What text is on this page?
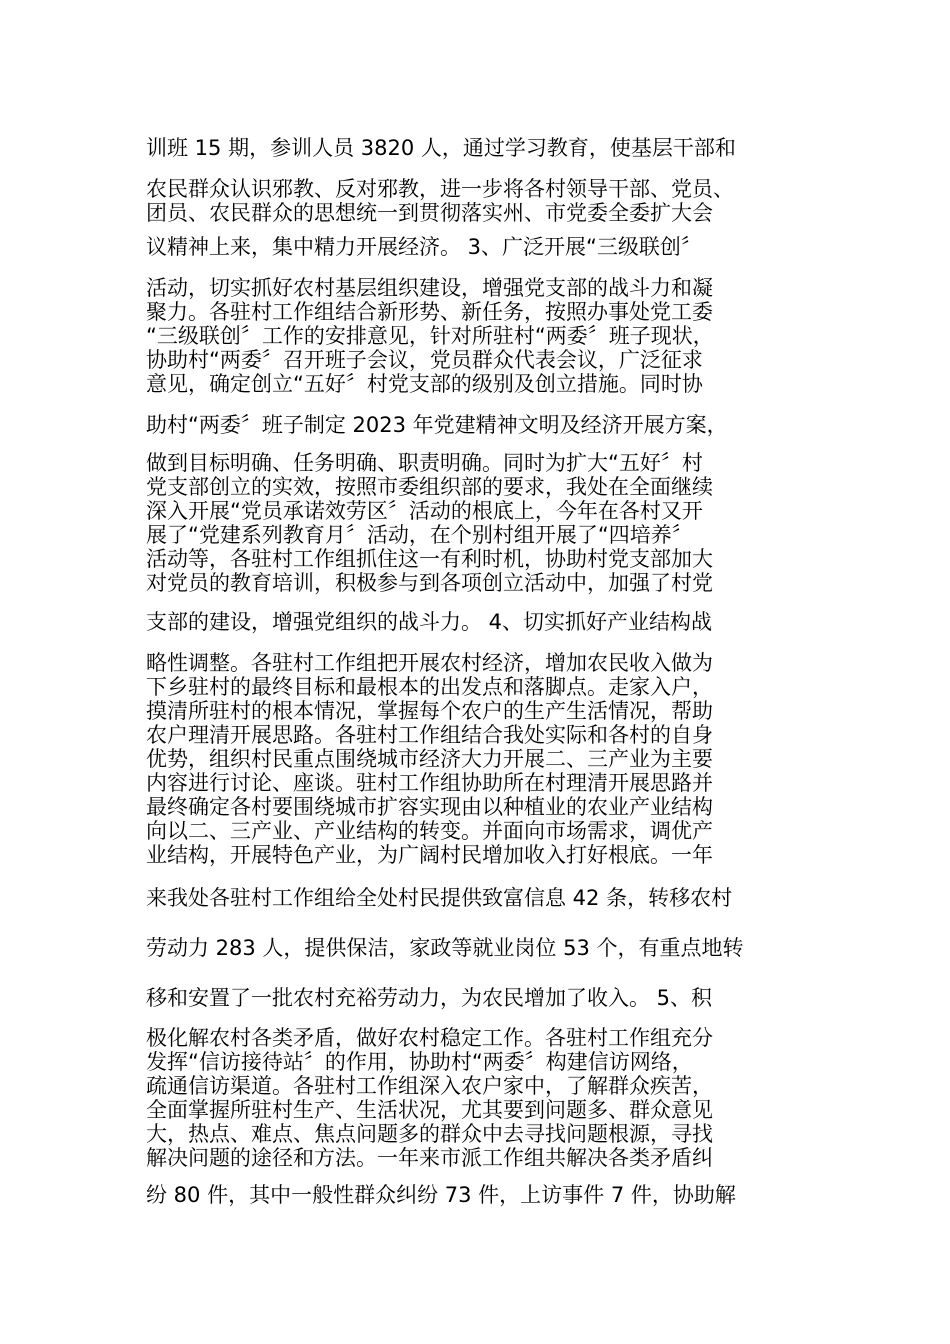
训班 15 期，参训人员 3820 人，通过学习教育，使基层干部和
农民群众认识邪教、反对邪教，进一步将各村领导干部、党员、
团员、农民群众的思想统一到贯彻落实州、市党委全委扩大会
议精神上来，集中精力开展经济。 3、广泛开展“三级联创〞
活动，切实抓好农村基层组织建设，增强党支部的战斗力和凝
聚力。各驻村工作组结合新形势、新任务，按照办事处党工委
“三级联创〞工作的安排意见，针对所驻村“两委〞班子现状，
协助村“两委〞召开班子会议，党员群众代表会议，广泛征求
意见，确定创立“五好〞村党支部的级别及创立措施。同时协
助村“两委〞班子制定 2023 年党建精神文明及经济开展方案，
做到目标明确、任务明确、职责明确。同时为扩大“五好〞村
党支部创立的实效，按照市委组织部的要求，我处在全面继续
深入开展“党员承诺效劳区〞活动的根底上，今年在各村又开
展了“党建系列教育月〞活动，在个别村组开展了“四培养〞
活动等，各驻村工作组抓住这一有利时机，协助村党支部加大
对党员的教育培训，积极参与到各项创立活动中，加强了村党
支部的建设，增强党组织的战斗力。 4、切实抓好产业结构战
略性调整。各驻村工作组把开展农村经济，增加农民收入做为
下乡驻村的最终目标和最根本的出发点和落脚点。走家入户，
摸清所驻村的根本情况，掌握每个农户的生产生活情况，帮助
农户理清开展思路。各驻村工作组结合我处实际和各村的自身
优势，组织村民重点围绕城市经济大力开展二、三产业为主要
内容进行讨论、座谈。驻村工作组协助所在村理清开展思路并
最终确定各村要围绕城市扩容实现由以种植业的农业产业结构
向以二、三产业、产业结构的转变。并面向市场需求，调优产
业结构，开展特色产业，为广阔村民增加收入打好根底。一年
来我处各驻村工作组给全处村民提供致富信息 42 条，转移农村
劳动力 283 人，提供保洁，家政等就业岗位 53 个，有重点地转
移和安置了一批农村充裕劳动力，为农民增加了收入。 5、积
极化解农村各类矛盾，做好农村稳定工作。各驻村工作组充分
发挥“信访接待站〞的作用，协助村“两委〞构建信访网络，
疏通信访渠道。各驻村工作组深入农户家中，了解群众疾苦，
全面掌握所驻村生产、生活状况，尤其要到问题多、群众意见
大，热点、难点、焦点问题多的群众中去寻找问题根源，寻找
解决问题的途径和方法。一年来市派工作组共解决各类矛盾纠
纷 80 件，其中一般性群众纠纷 73 件，上访事件 7 件，协助解
